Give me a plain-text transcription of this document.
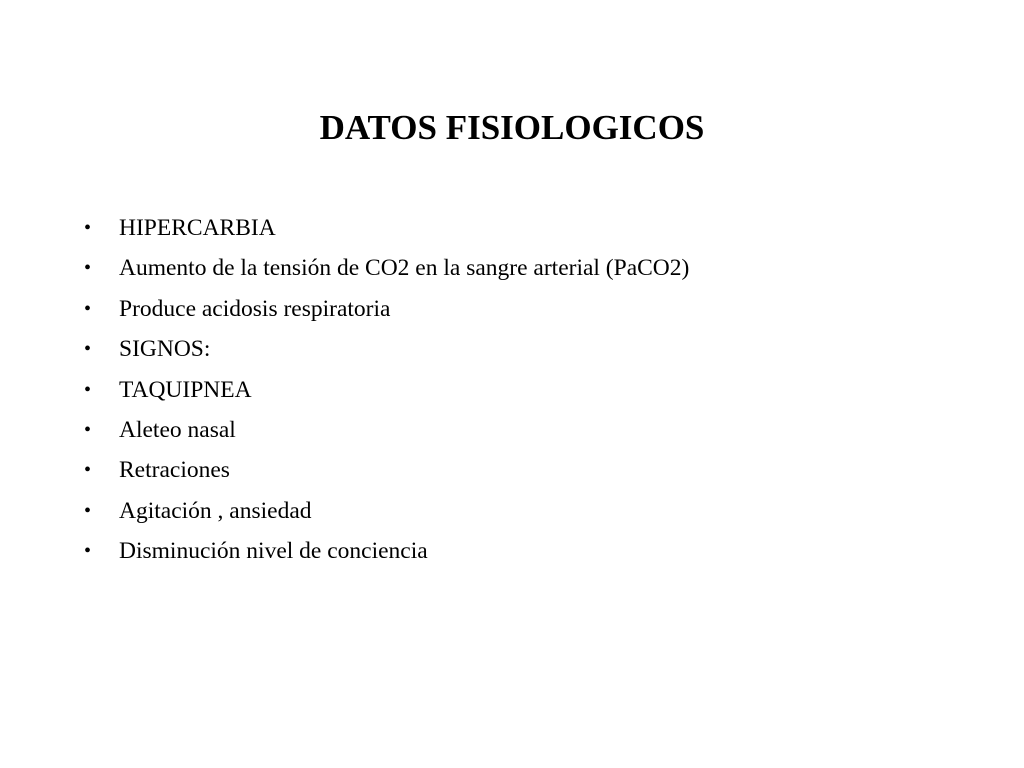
DATOS FISIOLOGICOS
•	HIPERCARBIA
•	Aumento de la tensión de CO2 en la sangre arterial (PaCO2)
•	Produce acidosis respiratoria
•	SIGNOS:
•	TAQUIPNEA
•	Aleteo nasal
•	Retraciones
•	Agitación , ansiedad
•	Disminución nivel de conciencia
